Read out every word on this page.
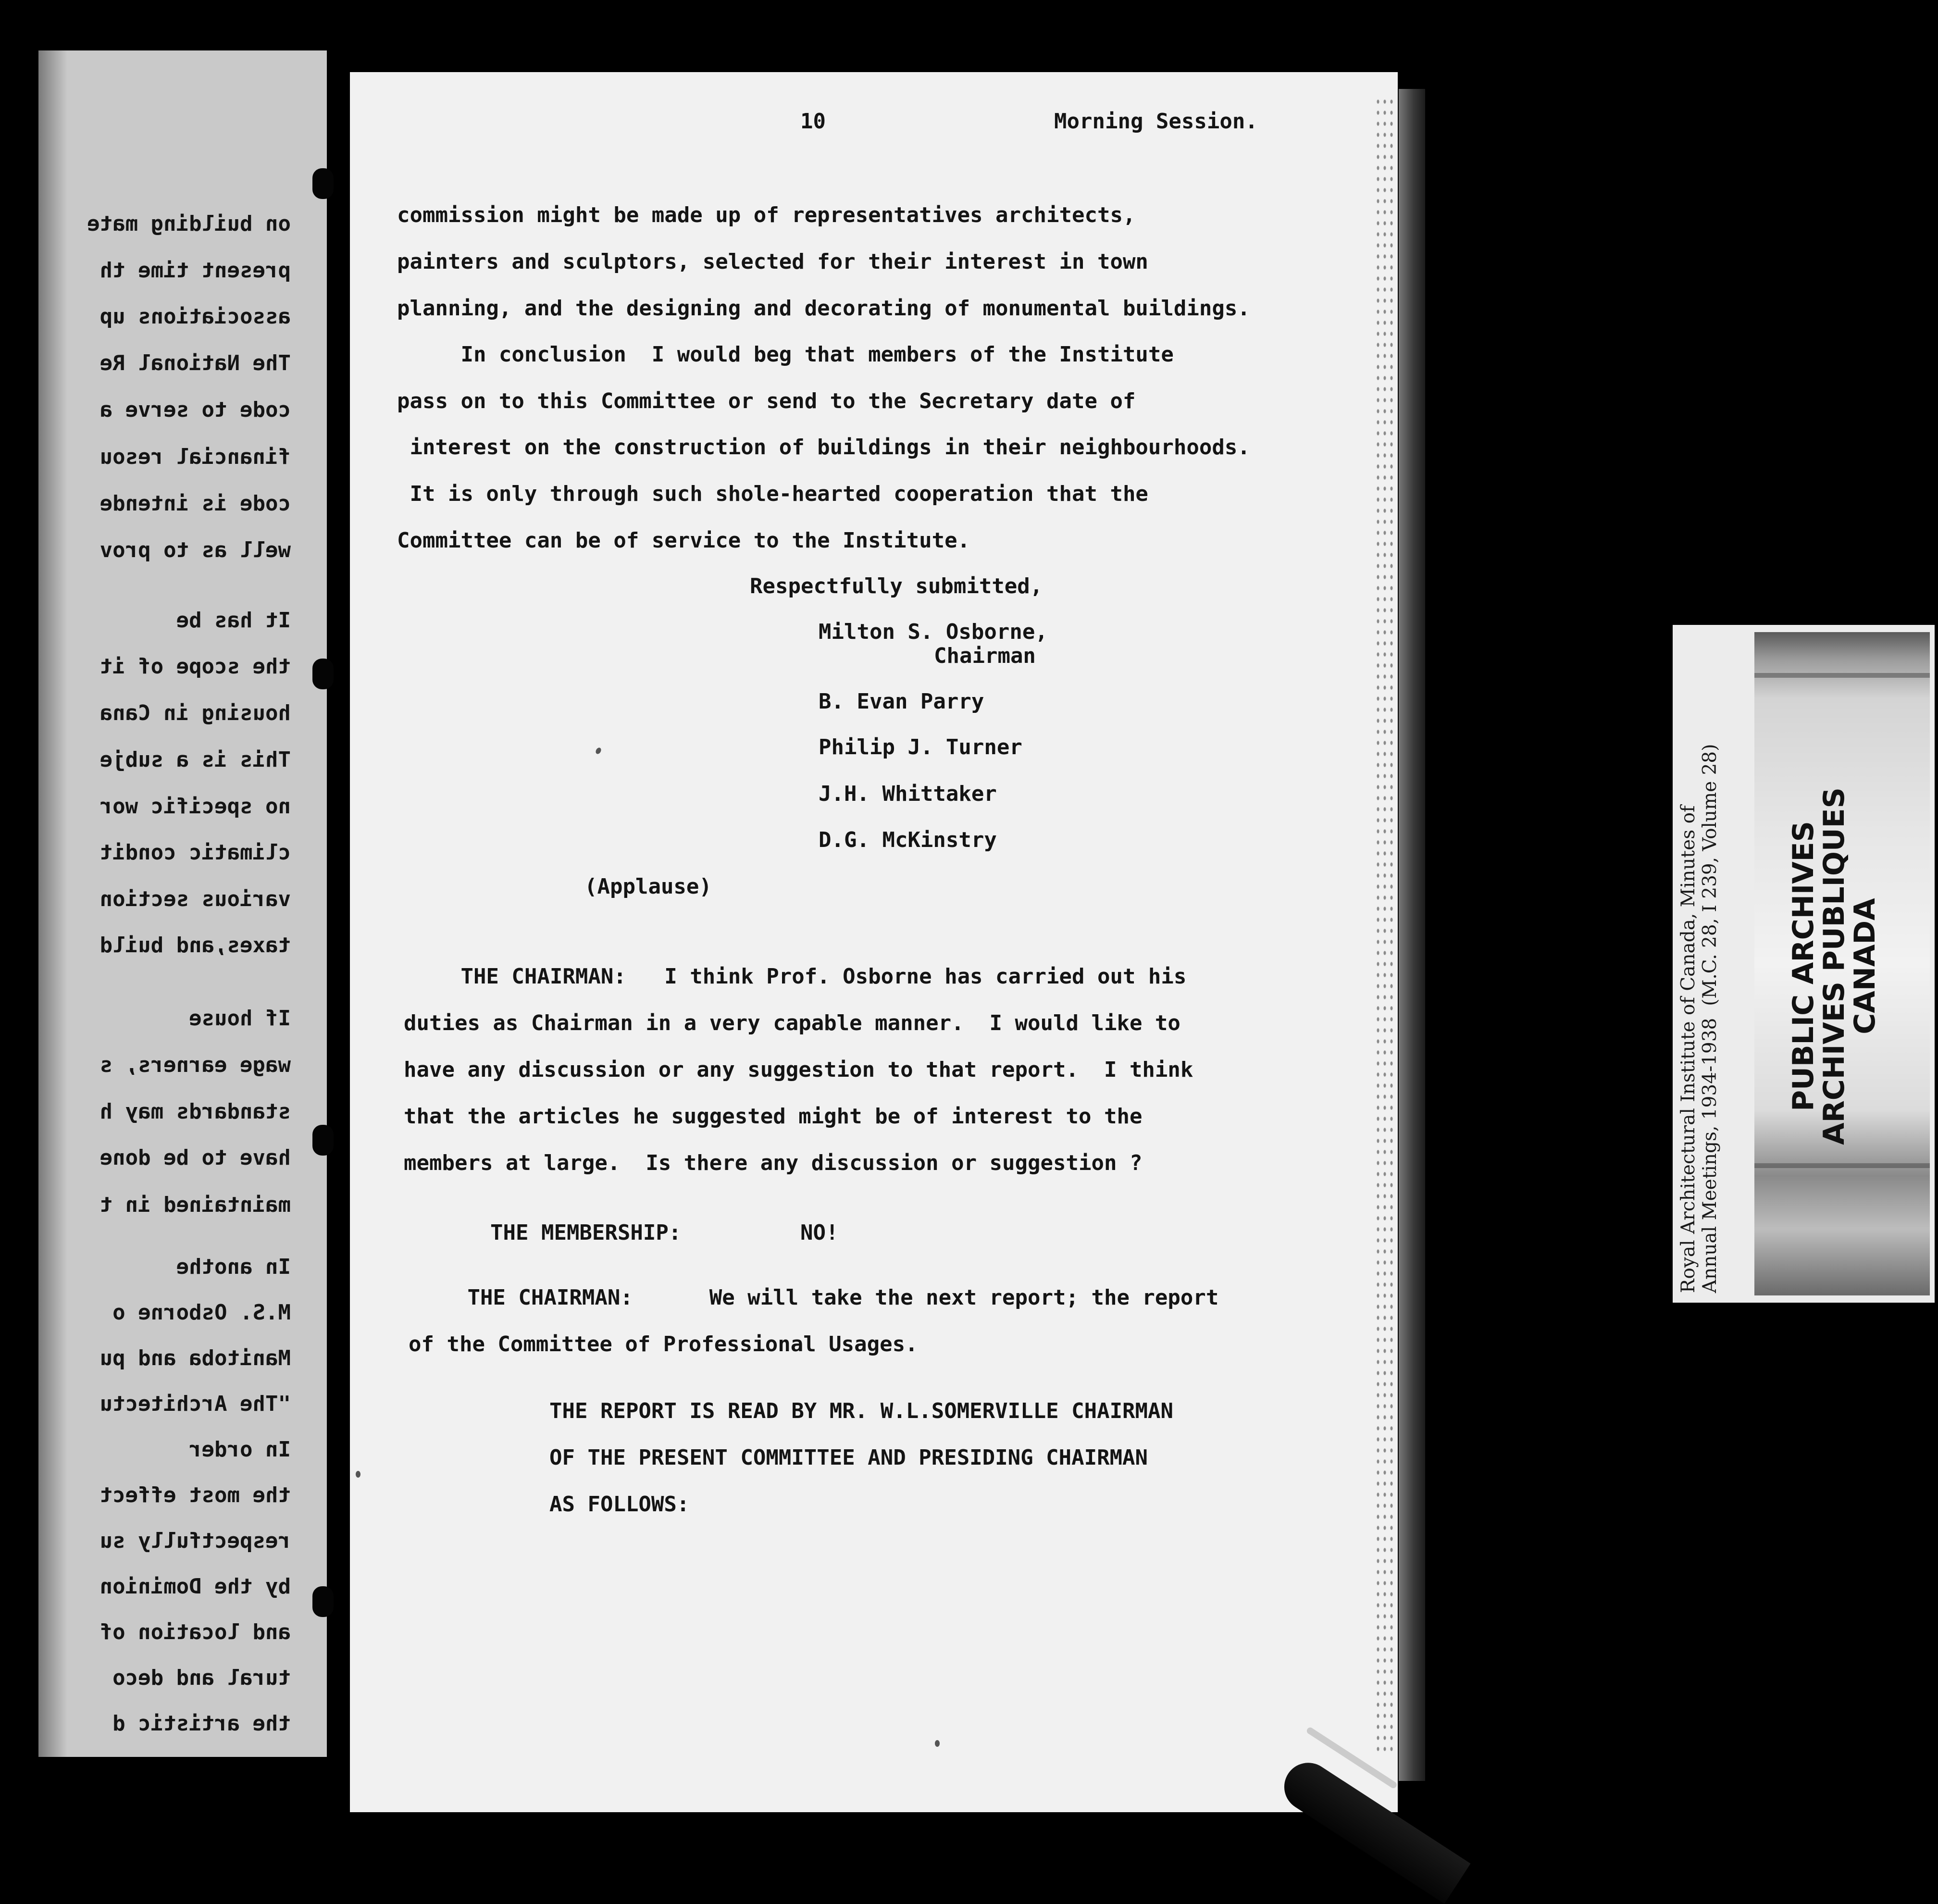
on building mate
present time th
associations up
The National Re
code to serve a
financial resou
code is intende
well as to prov
It has be
the scope of it
housing in Cana
This is a subje
no specific wor
climatic condit
various section
taxes,and build
If house
wage earners, s
standards may h
have to be done
maintained in t
In anothe
M.S. Osborne o
Manitoba and pu
"The Architectu
In order
the most effect
respectfully su
by the Dominion
and location of
tural and deco
the artistic d
10	Morning Session.
commission might be made up of representatives architects,
painters and sculptors, selected for their interest in town
planning, and the designing and decorating of monumental buildings.
In conclusion  I would beg that members of the Institute
pass on to this Committee or send to the Secretary date of
interest on the construction of buildings in their neighbourhoods.
It is only through such shole-hearted cooperation that the
Committee can be of service to the Institute.
Respectfully submitted,
Milton S. Osborne,
Chairman
B. Evan Parry
Philip J. Turner
J.H. Whittaker
D.G. McKinstry
(Applause)
THE CHAIRMAN:   I think Prof. Osborne has carried out his
duties as Chairman in a very capable manner.  I would like to
have any discussion or any suggestion to that report.  I think
that the articles he suggested might be of interest to the
members at large.  Is there any discussion or suggestion ?
THE MEMBERSHIP:	NO!
THE CHAIRMAN:      We will take the next report; the report
of the Committee of Professional Usages.
THE REPORT IS READ BY MR. W.L.SOMERVILLE CHAIRMAN
OF THE PRESENT COMMITTEE AND PRESIDING CHAIRMAN
AS FOLLOWS:
Royal Architectural Institute of Canada, Minutes of Annual Meetings, 1934-1938  (M.C. 28, I 239, Volume 28) PUBLIC ARCHIVES
ARCHIVES PUBLIQUES
CANADA
